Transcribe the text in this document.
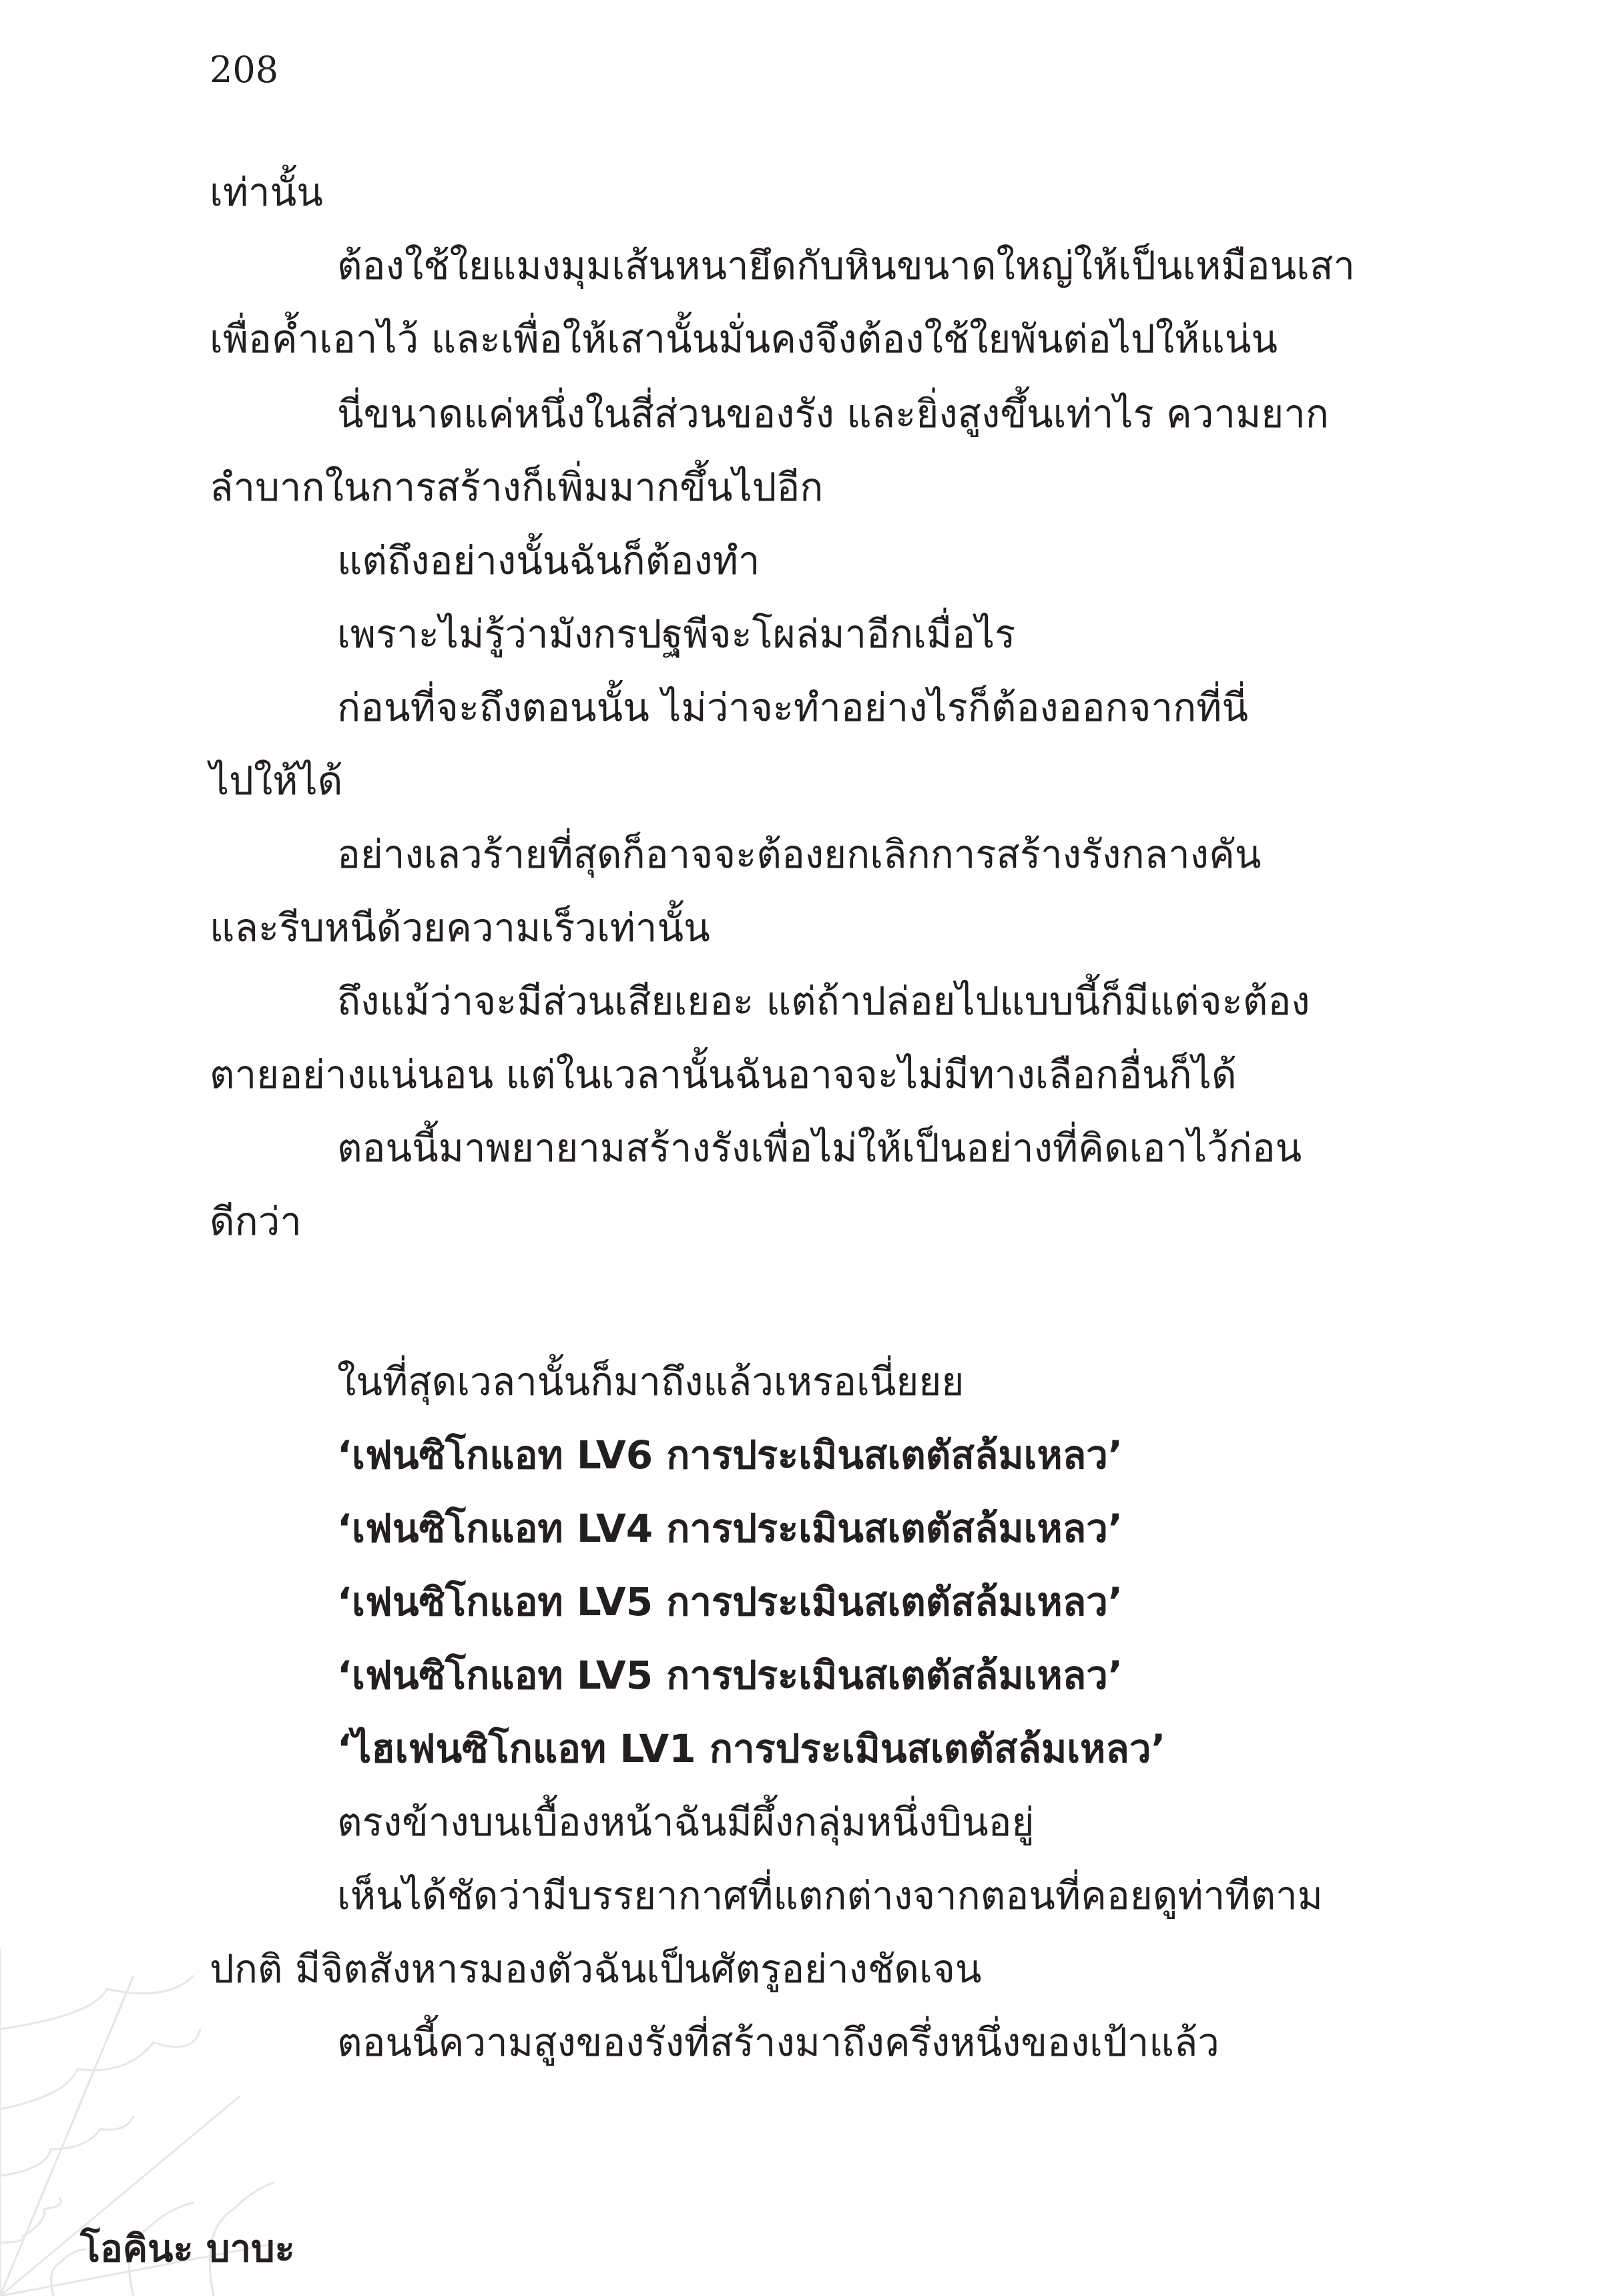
208
เท่านั้น
ต้องใช้ใยแมงมุมเส้นหนายึดกับหินขนาดใหญ่ให้เป็นเหมือนเสา
เพื่อค้ำเอาไว้ และเพื่อให้เสานั้นมั่นคงจึงต้องใช้ใยพันต่อไปให้แน่น
นี่ขนาดแค่หนึ่งในสี่ส่วนของรัง และยิ่งสูงขึ้นเท่าไร ความยาก
ลำบากในการสร้างก็เพิ่มมากขึ้นไปอีก
แต่ถึงอย่างนั้นฉันก็ต้องทำ
เพราะไม่รู้ว่ามังกรปฐพีจะโผล่มาอีกเมื่อไร
ก่อนที่จะถึงตอนนั้น ไม่ว่าจะทำอย่างไรก็ต้องออกจากที่นี่
ไปให้ได้
อย่างเลวร้ายที่สุดก็อาจจะต้องยกเลิกการสร้างรังกลางคัน
และรีบหนีด้วยความเร็วเท่านั้น
ถึงแม้ว่าจะมีส่วนเสียเยอะ แต่ถ้าปล่อยไปแบบนี้ก็มีแต่จะต้อง
ตายอย่างแน่นอน แต่ในเวลานั้นฉันอาจจะไม่มีทางเลือกอื่นก็ได้
ตอนนี้มาพยายามสร้างรังเพื่อไม่ให้เป็นอย่างที่คิดเอาไว้ก่อน
ดีกว่า
ในที่สุดเวลานั้นก็มาถึงแล้วเหรอเนี่ยยย
‘เฟนซิโกแอท LV6 การประเมินสเตตัสล้มเหลว’
‘เฟนซิโกแอท LV4 การประเมินสเตตัสล้มเหลว’
‘เฟนซิโกแอท LV5 การประเมินสเตตัสล้มเหลว’
‘เฟนซิโกแอท LV5 การประเมินสเตตัสล้มเหลว’
‘ไฮเฟนซิโกแอท LV1 การประเมินสเตตัสล้มเหลว’
ตรงข้างบนเบื้องหน้าฉันมีผึ้งกลุ่มหนึ่งบินอยู่
เห็นได้ชัดว่ามีบรรยากาศที่แตกต่างจากตอนที่คอยดูท่าทีตาม
ปกติ มีจิตสังหารมองตัวฉันเป็นศัตรูอย่างชัดเจน
ตอนนี้ความสูงของรังที่สร้างมาถึงครึ่งหนึ่งของเป้าแล้ว
โอคินะ บาบะ
